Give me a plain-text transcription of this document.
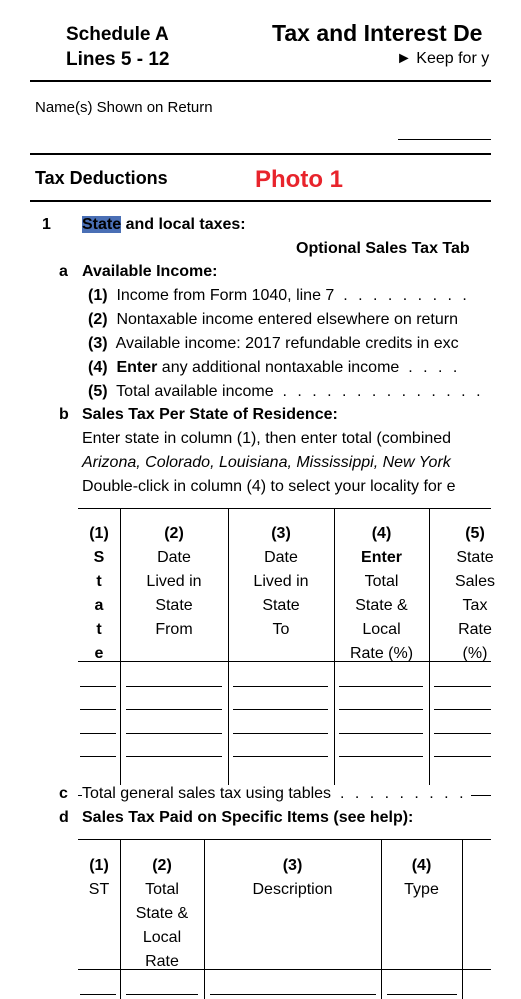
Schedule A
Lines 5 - 12
Tax and Interest De
► Keep for y
Name(s) Shown on Return
Tax Deductions	Photo 1
1 State and local taxes:
Optional Sales Tax Tab
a Available Income:
(1) Income from Form 1040, line 7 . . . . . . . . .
(2) Nontaxable income entered elsewhere on return
(3) Available income: 2017 refundable credits in exc
(4) Enter any additional nontaxable income . . . .
(5) Total available income . . . . . . . . . . . . . .
b Sales Tax Per State of Residence:
Enter state in column (1), then enter total (combined
Arizona, Colorado, Louisiana, Mississippi, New York
Double-click in column (4) to select your locality for e
(1)
S
t
a
t
e
(2)
Date
Lived in
State
From
(3)
Date
Lived in
State
To
(4)
Enter
Total
State &
Local
Rate (%)
(5)
State
Sales
Tax
Rate
(%)
c Total general sales tax using tables . . . . . . . . .
d Sales Tax Paid on Specific Items (see help):
(1)
ST
(2)
Total
State &
Local
Rate
(3)
Description
(4)
Type
